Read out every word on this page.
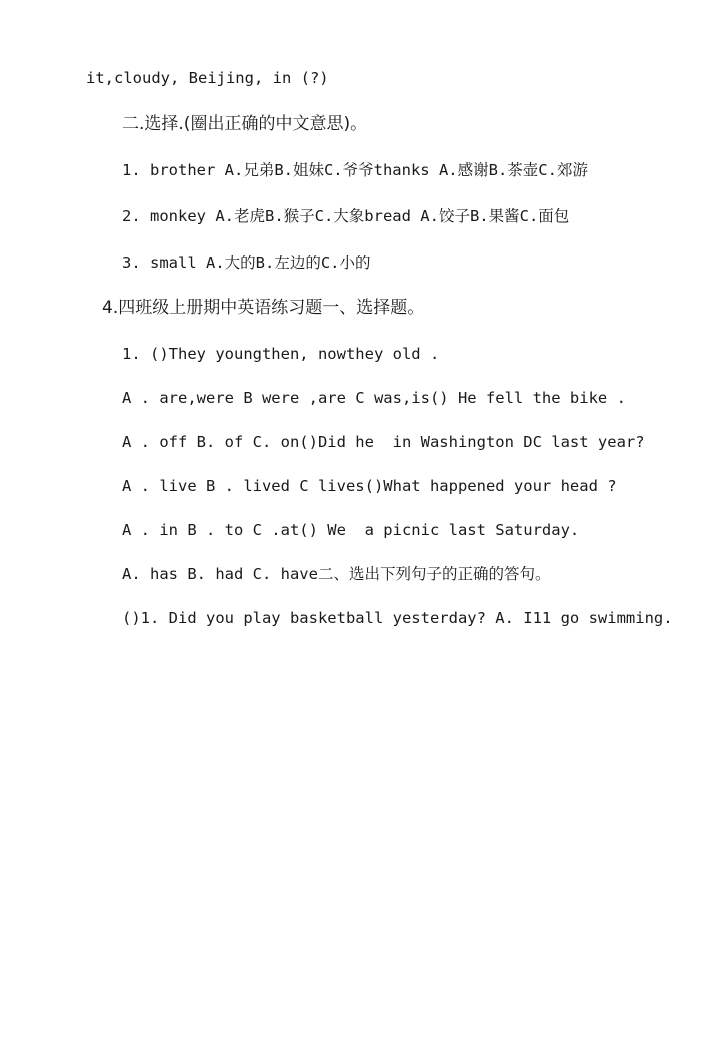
it,cloudy, Beijing, in (?)
二.选择.(圈出正确的中文意思)。
1. brother A.兄弟B.姐妹C.爷爷thanks A.感谢B.茶壶C.郊游
2. monkey A.老虎B.猴子C.大象bread A.饺子B.果酱C.面包
3. small A.大的B.左边的C.小的
4.四班级上册期中英语练习题一、选择题。
1. ()They youngthen, nowthey old .
A . are,were B were ,are C was,is() He fell the bike .
A . off B. of C. on()Did he  in Washington DC last year?
A . live B . lived C lives()What happened your head ?
A . in B . to C .at() We  a picnic last Saturday.
A. has B. had C. have二、选出下列句子的正确的答句。
()1. Did you play basketball yesterday? A. I11 go swimming.
